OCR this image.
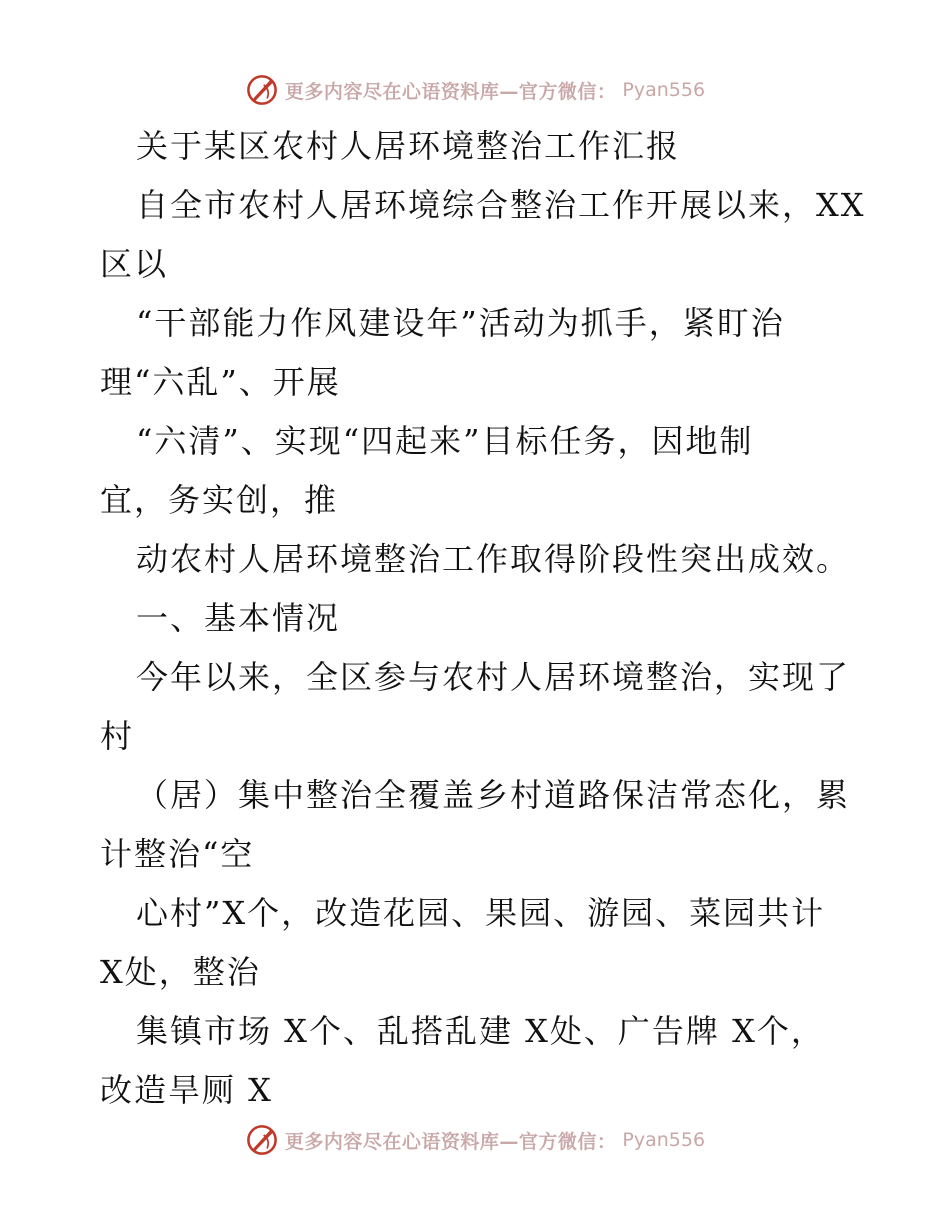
更多内容尽在心语资料库—官方微信： Pyan556
关于某区农村人居环境整治工作汇报
自全市农村人居环境综合整治工作开展以来，XX
区以
“干部能力作风建设年”活动为抓手，紧盯治
理“六乱”、开展
“六清”、实现“四起来”目标任务，因地制
宜，务实创，推
动农村人居环境整治工作取得阶段性突出成效。
一、基本情况
今年以来，全区参与农村人居环境整治，实现了
村
（居）集中整治全覆盖乡村道路保洁常态化，累
计整治“空
心村”X个，改造花园、果园、游园、菜园共计
X处，整治
集镇市场 X个、乱搭乱建 X处、广告牌 X个，
改造旱厕 X
更多内容尽在心语资料库—官方微信： Pyan556
